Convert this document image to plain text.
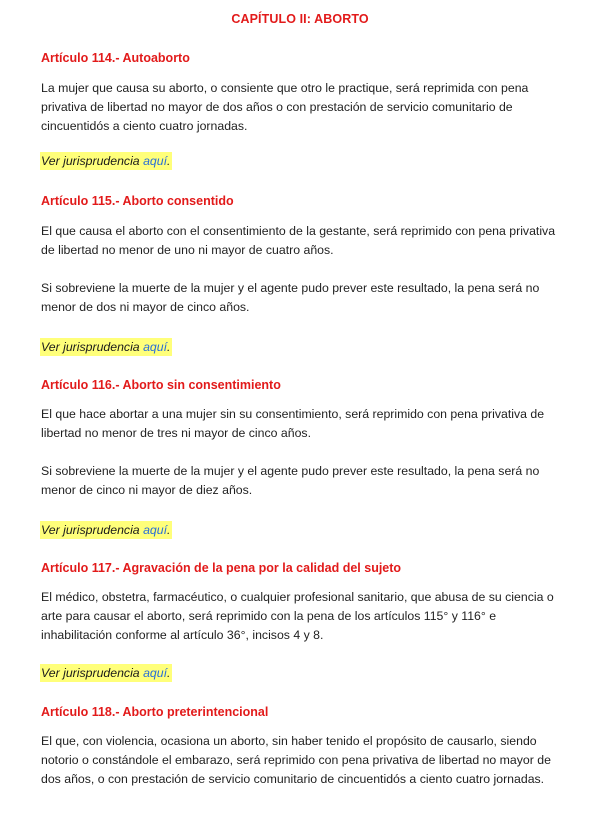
CAPÍTULO II: ABORTO
Artículo 114.- Autoaborto
La mujer que causa su aborto, o consiente que otro le practique, será reprimida con pena privativa de libertad no mayor de dos años o con prestación de servicio comunitario de cincuentidós a ciento cuatro jornadas.
Ver jurisprudencia aquí.
Artículo 115.- Aborto consentido
El que causa el aborto con el consentimiento de la gestante, será reprimido con pena privativa de libertad no menor de uno ni mayor de cuatro años.
Si sobreviene la muerte de la mujer y el agente pudo prever este resultado, la pena será no menor de dos ni mayor de cinco años.
Ver jurisprudencia aquí.
Artículo 116.- Aborto sin consentimiento
El que hace abortar a una mujer sin su consentimiento, será reprimido con pena privativa de libertad no menor de tres ni mayor de cinco años.
Si sobreviene la muerte de la mujer y el agente pudo prever este resultado, la pena será no menor de cinco ni mayor de diez años.
Ver jurisprudencia aquí.
Artículo 117.- Agravación de la pena por la calidad del sujeto
El médico, obstetra, farmacéutico, o cualquier profesional sanitario, que abusa de su ciencia o arte para causar el aborto, será reprimido con la pena de los artículos 115° y 116° e inhabilitación conforme al artículo 36°, incisos 4 y 8.
Ver jurisprudencia aquí.
Artículo 118.- Aborto preterintencional
El que, con violencia, ocasiona un aborto, sin haber tenido el propósito de causarlo, siendo notorio o constándole el embarazo, será reprimido con pena privativa de libertad no mayor de dos años, o con prestación de servicio comunitario de cincuentidós a ciento cuatro jornadas.
